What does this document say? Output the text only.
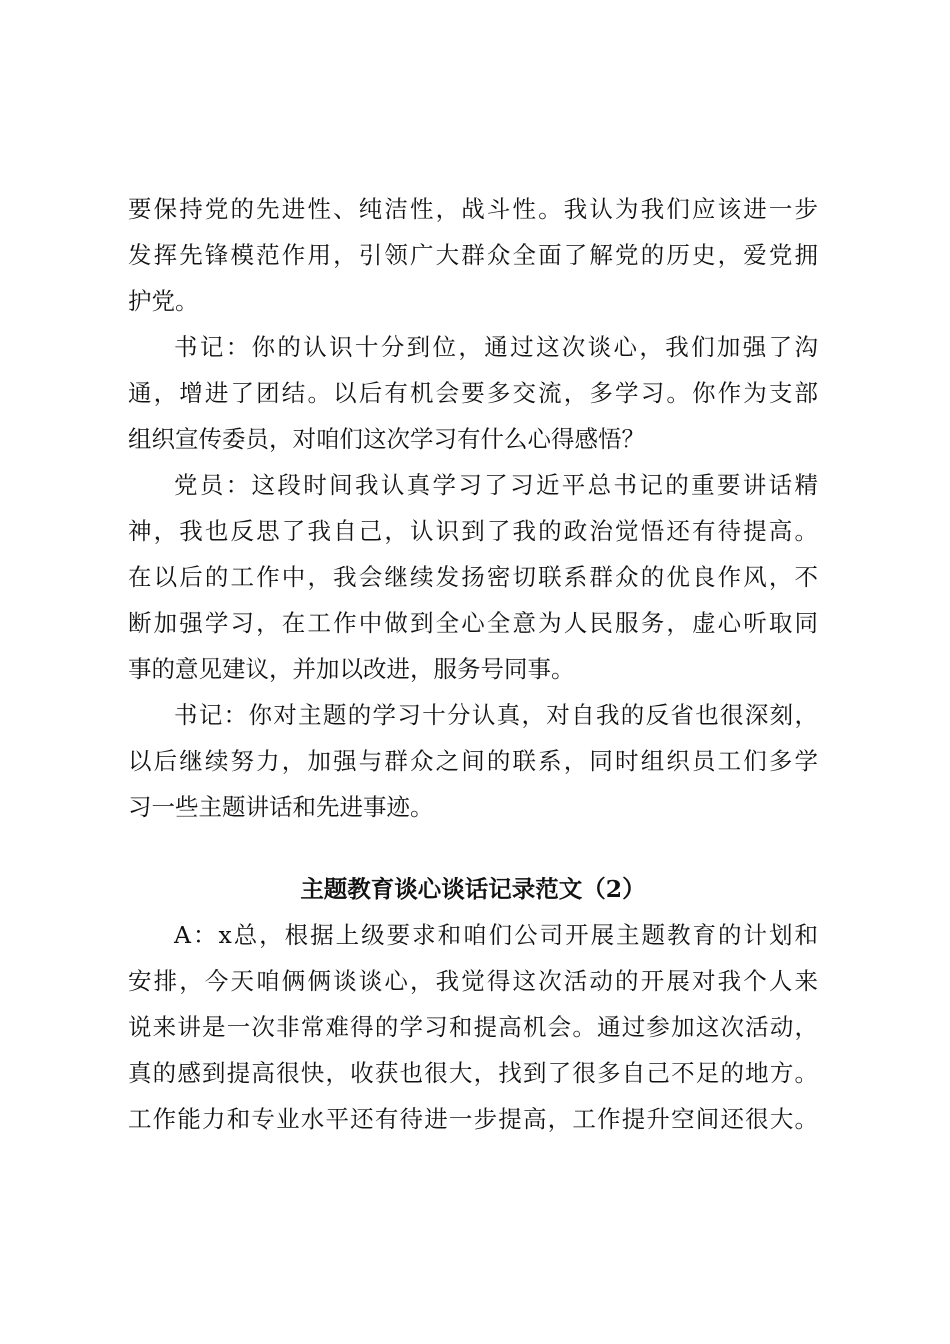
要保持党的先进性、纯洁性，战斗性。我认为我们应该进一步
发挥先锋模范作用，引领广大群众全面了解党的历史，爱党拥
护党。
书记：你的认识十分到位，通过这次谈心，我们加强了沟
通，增进了团结。以后有机会要多交流，多学习。你作为支部
组织宣传委员，对咱们这次学习有什么心得感悟？
党员：这段时间我认真学习了习近平总书记的重要讲话精
神，我也反思了我自己，认识到了我的政治觉悟还有待提高。
在以后的工作中，我会继续发扬密切联系群众的优良作风，不
断加强学习，在工作中做到全心全意为人民服务，虚心听取同
事的意见建议，并加以改进，服务号同事。
书记：你对主题的学习十分认真，对自我的反省也很深刻，
以后继续努力，加强与群众之间的联系，同时组织员工们多学
习一些主题讲话和先进事迹。
主题教育谈心谈话记录范文（2）
A：x总，根据上级要求和咱们公司开展主题教育的计划和
安排，今天咱俩俩谈谈心，我觉得这次活动的开展对我个人来
说来讲是一次非常难得的学习和提高机会。通过参加这次活动，
真的感到提高很快，收获也很大，找到了很多自己不足的地方。
工作能力和专业水平还有待进一步提高，工作提升空间还很大。
